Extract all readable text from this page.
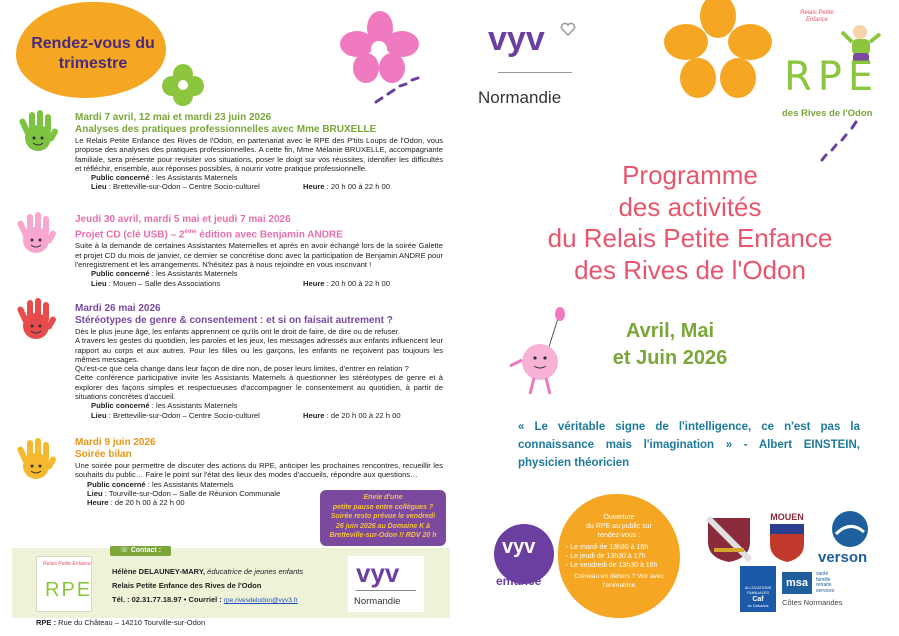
Rendez-vous du trimestre
Mardi 7 avril, 12 mai et mardi 23 juin 2026
Analyses des pratiques professionnelles avec Mme BRUXELLE
Le Relais Petite Enfance des Rives de l'Odon, en partenariat avec le RPE des P'tits Loups de l'Odon, vous propose des analyses des pratiques professionnelles. A cette fin, Mme Mélanie BRUXELLE, accompagnante familiale, sera présente pour revisiter vos situations, poser le doigt sur vos réussites, identifier les difficultés et réfléchir, ensemble, aux réponses possibles, à nourrir votre pratique professionnelle.
Public concerné : les Assistants Maternels
Lieu : Bretteville-sur-Odon – Centre Socio-culturel	Heure : 20 h 00 à 22 h 00
Jeudi 30 avril, mardi 5 mai et jeudi 7 mai 2026
Projet CD (clé USB) – 2ème édition avec Benjamin ANDRE
Suite à la demande de certaines Assistantes Maternelles et après en avoir échangé lors de la soirée Galette et projet CD du mois de janvier, ce dernier se concrétise donc avec la participation de Benjamin ANDRE pour l'enregistrement et les arrangements. N'hésitez pas à nous rejoindre en vous inscrivant !
Public concerné : les Assistants Maternels
Lieu : Mouen – Salle des Associations	Heure : 20 h 00 à 22 h 00
Mardi 26 mai 2026
Stéréotypes de genre & consentement : et si on faisait autrement ?
Dès le plus jeune âge, les enfants apprennent ce qu'ils ont le droit de faire, de dire ou de refuser.
A travers les gestes du quotidien, les paroles et les jeux, les messages adressés aux enfants influencent leur rapport au corps et aux autres. Pour les filles ou les garçons, les enfants ne reçoivent pas toujours les mêmes messages.
Qu'est-ce que cela change dans leur façon de dire non, de poser leurs limites, d'entrer en relation ?
Cette conférence participative invite les Assistants Maternels à questionner les stéréotypes de genre et à explorer des façons simples et respectueuses d'accompagner le consentement au quotidien, à partir de situations concrètes d'accueil.
Public concerné : les Assistants Maternels
Lieu : Bretteville-sur-Odon – Centre Socio-culturel	Heure : de 20 h 00 à 22 h 00
Mardi 9 juin 2026
Soirée bilan
Une soirée pour permettre de discuter des actions du RPE, anticiper les prochaines rencontres, recueillir les souhaits du public… Faire le point sur l'état des lieux des modes d'accueils, répondre aux questions…
Public concerné : les Assistants Maternels
Lieu : Tourville-sur-Odon – Salle de Réunion Communale
Heure : de 20 h 00 à 22 h 00
Envie d'une
petite pause entre collègues ?
Soirée resto prévue le vendredi
26 juin 2026 au Domaine K à
Bretteville-sur-Odon !! RDV 20 h
☏ Contact :
Relais Petite Enfance
RPE
Hélène DELAUNEY-MARY, éducatrice de jeunes enfants
Relais Petite Enfance des Rives de l'Odon
Tél. : 02.31.77.18.97 • Courriel : rpe.rivesdelodon@vyv3.fr
vyv
Normandie
RPE : Rue du Château – 14210 Tourville-sur-Odon
vyv
Normandie
Relais Petite Enfance
RPE
des Rives de l'Odon
Programme
des activités
du Relais Petite Enfance
des Rives de l'Odon
Avril, Mai
et Juin 2026
« Le véritable signe de l'intelligence, ce n'est pas la connaissance mais l'imagination » - Albert EINSTEIN, physicien théoricien
vyv
enfance
Ouverture
du RPE au public sur
rendez-vous :
- Le mardi de 13h30 à 16h
- Le jeudi de 13h30 à 17h
- Le vendredi de 13h30 à 16h
Créneau en dehors ? Voir avec l'animatrice
MOUEN
verson
ALLOCATIONS
FAMILIALES
Caf
du Calvados
msa
santé
famille
retraite
services
Côtes Normandes
